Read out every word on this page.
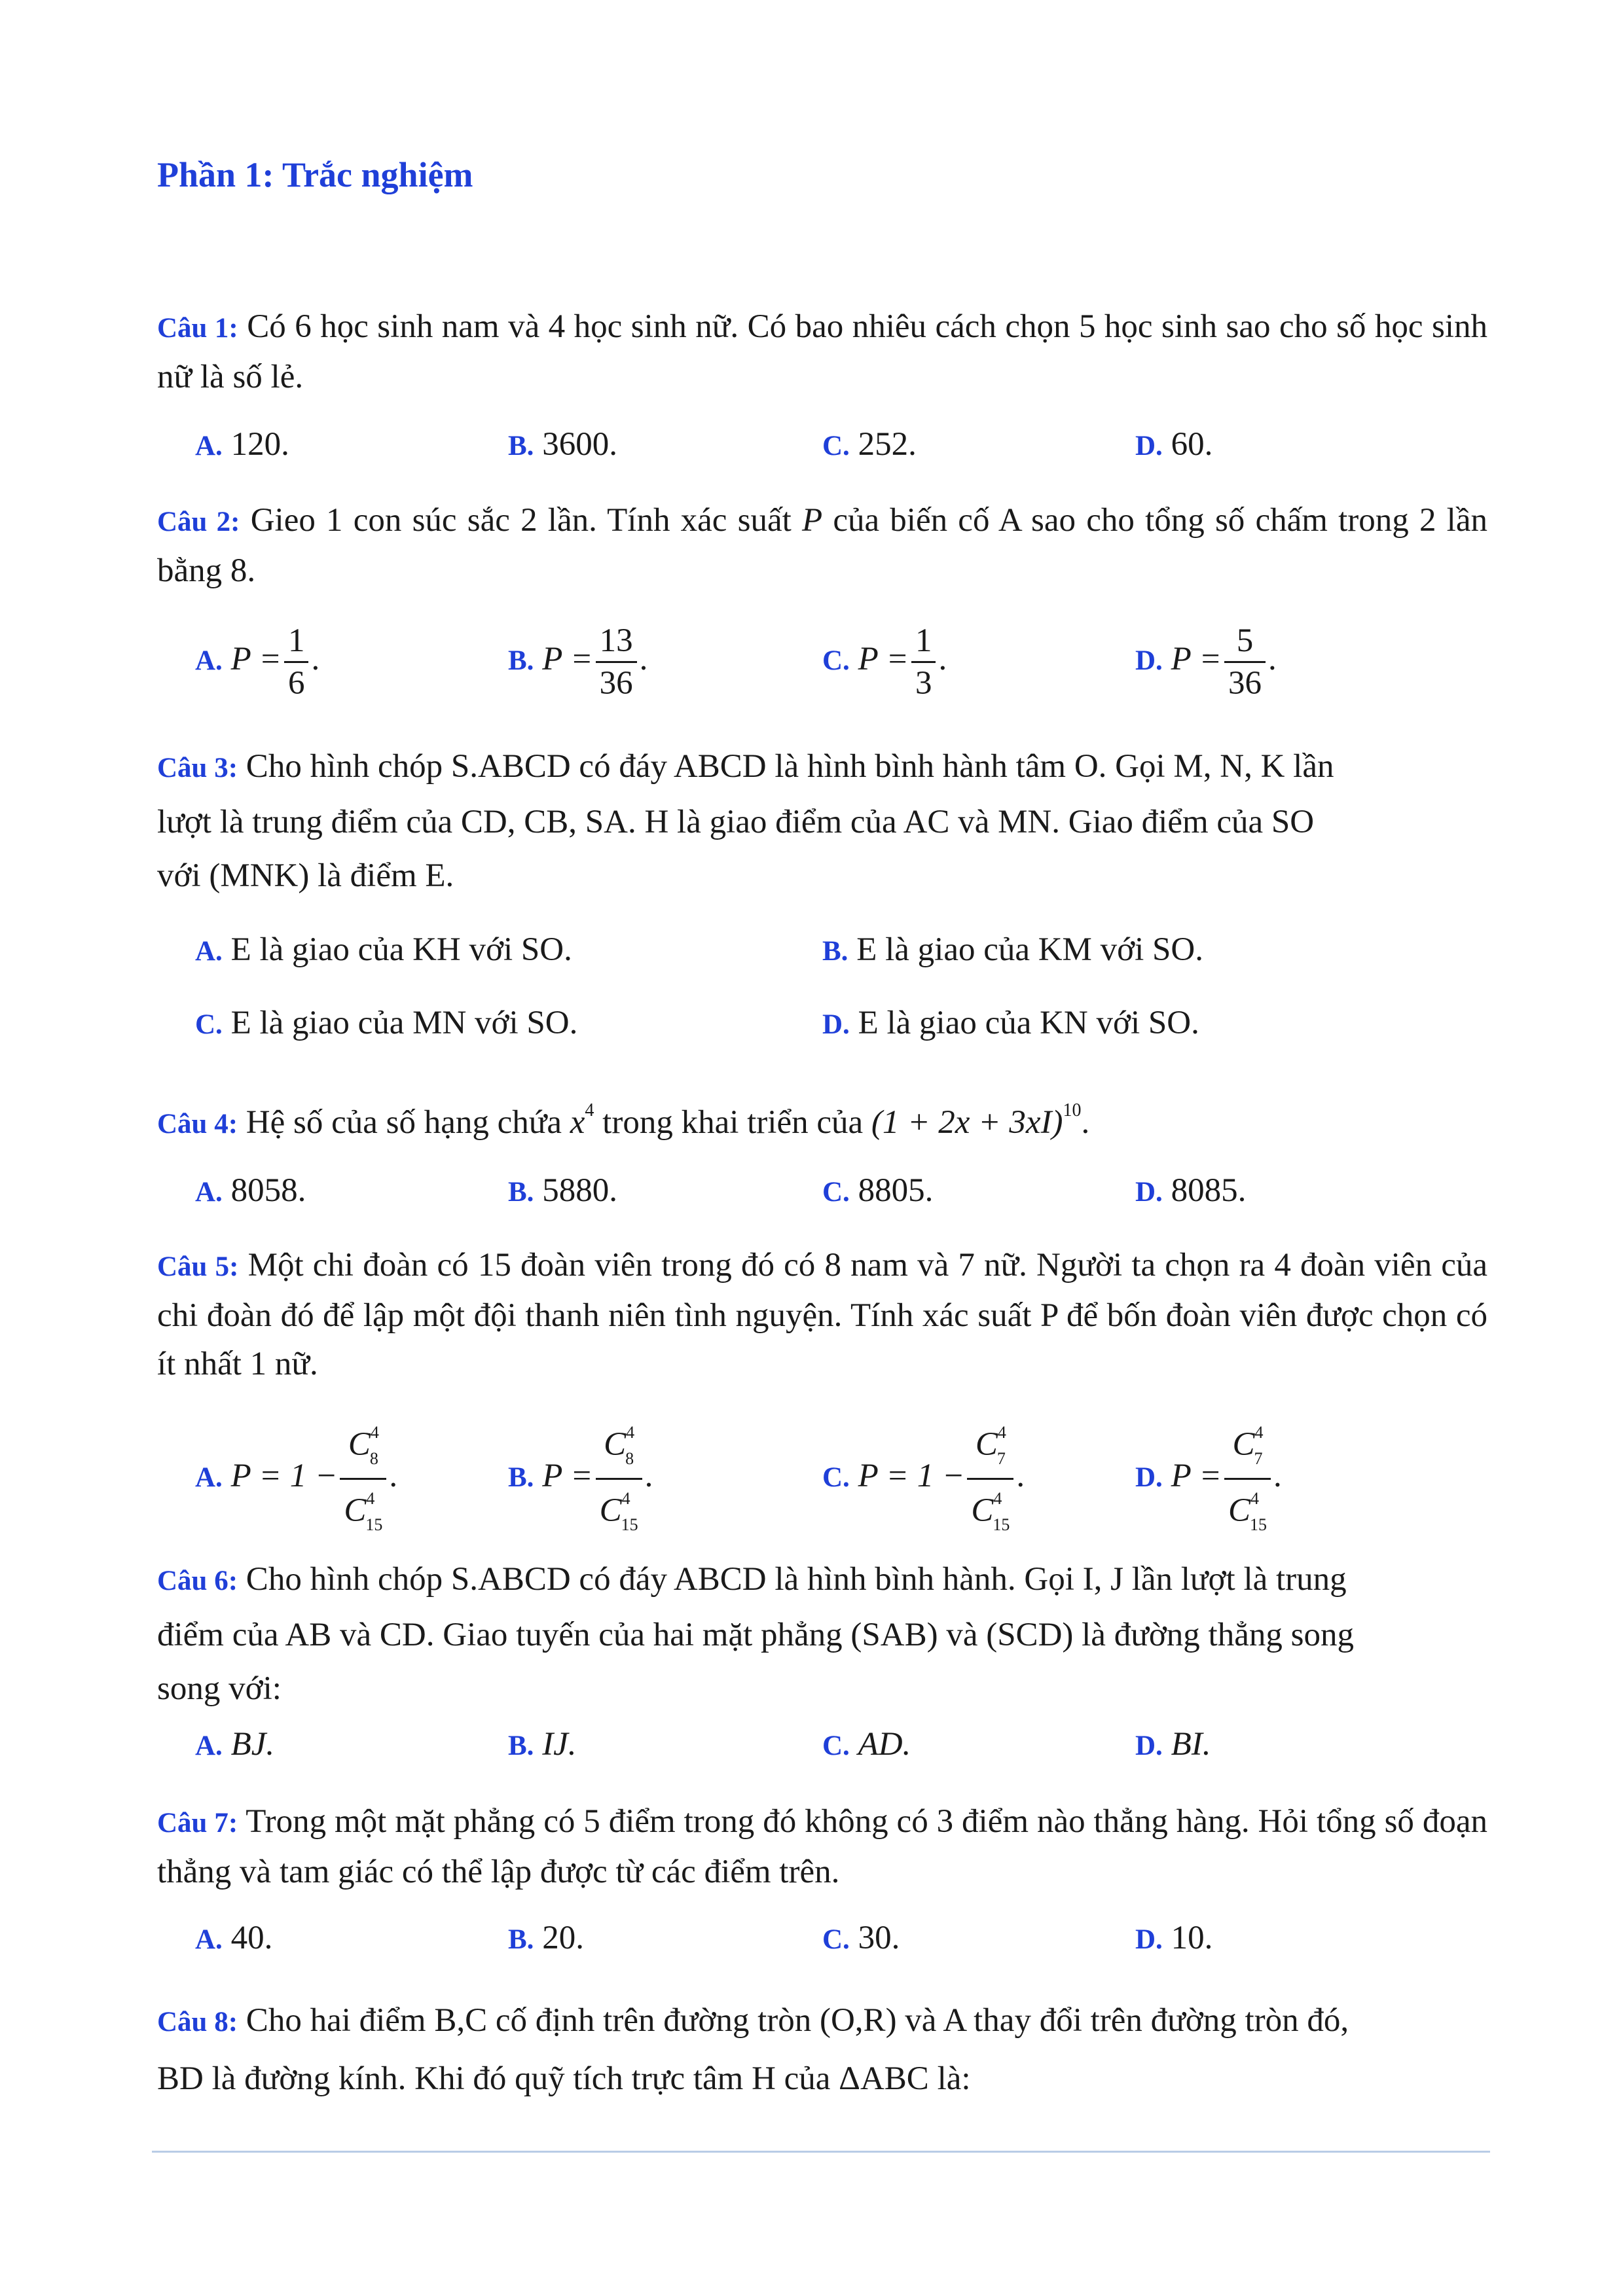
Phần 1: Trắc nghiệm
Câu 1: Có 6 học sinh nam và 4 học sinh nữ. Có bao nhiêu cách chọn 5 học sinh sao cho số học sinh nữ là số lẻ.
A. 120.	B. 3600.	C. 252.	D. 60.
Câu 2: Gieo 1 con súc sắc 2 lần. Tính xác suất P của biến cố A sao cho tổng số chấm trong 2 lần bằng 8.
A. $P = \frac{1}{6}$ .	B. $P = \frac{13}{36}$ .	C. $P = \frac{1}{3}$ .	D. $P = \frac{5}{36}$ .
Câu 3: Cho hình chóp S.ABCD có đáy ABCD là hình bình hành tâm O. Gọi M, N, K lần
lượt là trung điểm của CD, CB, SA. H là giao điểm của AC và MN. Giao điểm của SO
với (MNK) là điểm E.
A. E là giao của KH với SO.	B. E là giao của KM với SO.
C. E là giao của MN với SO.	D. E là giao của KN với SO.
Câu 4: Hệ số của số hạng chứa $x^4$ trong khai triển của $(1 + 2x + 3xI)^{10}$.
A. 8058.	B. 5880.	C. 8805.	D. 8085.
Câu 5: Một chi đoàn có 15 đoàn viên trong đó có 8 nam và 7 nữ. Người ta chọn ra 4 đoàn viên của chi đoàn đó để lập một đội thanh niên tình nguyện. Tính xác suất P để bốn đoàn viên được chọn có ít nhất 1 nữ.
A. $P = 1 - \frac{C^4_8}{C^4_{15}}$ .	B. $P = \frac{C^4_8}{C^4_{15}}$ .	C. $P = 1 - \frac{C^4_7}{C^4_{15}}$ .	D. $P = \frac{C^4_7}{C^4_{15}}$ .
Câu 6: Cho hình chóp S.ABCD có đáy ABCD là hình bình hành. Gọi I, J lần lượt là trung
điểm của AB và CD. Giao tuyến của hai mặt phẳng (SAB) và (SCD) là đường thẳng song
song với:
A. BJ.	B. IJ.	C. AD.	D. BI.
Câu 7: Trong một mặt phẳng có 5 điểm trong đó không có 3 điểm nào thẳng hàng. Hỏi tổng số đoạn thẳng và tam giác có thể lập được từ các điểm trên.
A. 40.	B. 20.	C. 30.	D. 10.
Câu 8: Cho hai điểm B,C cố định trên đường tròn (O,R) và A thay đổi trên đường tròn đó,
BD là đường kính. Khi đó quỹ tích trực tâm H của ΔABC là:
